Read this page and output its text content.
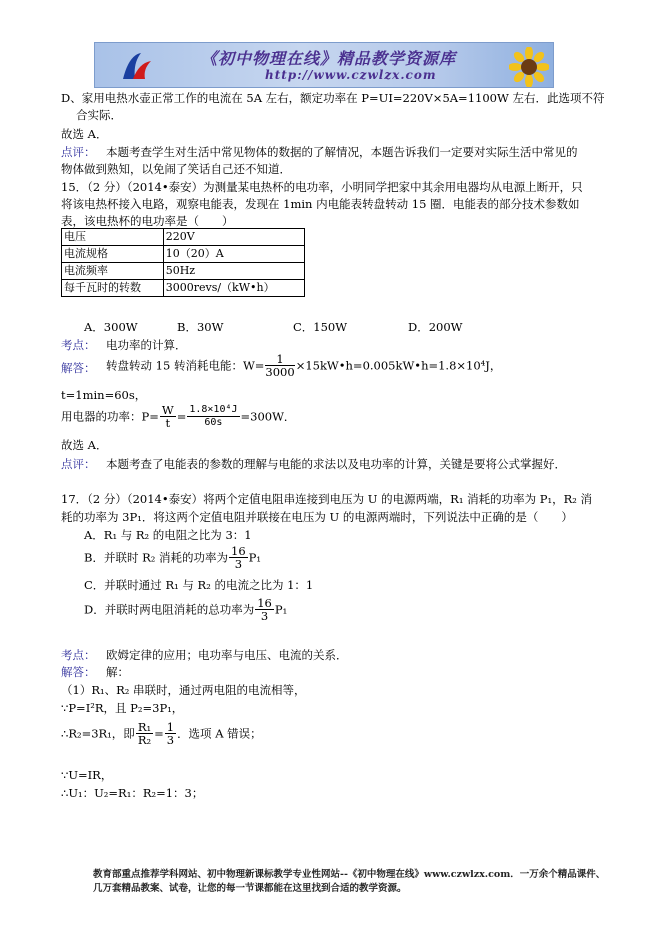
《初中物理在线》精品教学资源库
http://www.czwlzx.com
D、家用电热水壶正常工作的电流在 5A 左右，额定功率在 P=UI=220V×5A=1100W 左右．此选项不符
合实际．
故选 A．
点评： 本题考查学生对生活中常见物体的数据的了解情况，本题告诉我们一定要对实际生活中常见的
物体做到熟知，以免闹了笑话自己还不知道．
15．（2 分）（2014•泰安）为测量某电热杯的电功率，小明同学把家中其余用电器均从电源上断开，只
将该电热杯接入电路，观察电能表，发现在 1min 内电能表转盘转动 15 圈．电能表的部分技术参数如
表，该电热杯的电功率是（　　）
电压	220V
电流规格	10（20）A
电流频率	50Hz
每千瓦时的转数	3000revs/（kW•h）
A．300W	B．30W	C．150W	D．200W
考点： 电功率的计算．
解答： 转盘转动 15 转消耗电能：$W= \frac{1}{3000}$ ×15kW•h=0.005kW•h=1.8×10⁴J，
t=1min=60s，
用电器的功率：$P= \frac{W}{t} = \frac{\text{1.8×10⁴J}}{60s} =300W$．
故选 A．
点评： 本题考查了电能表的参数的理解与电能的求法以及电功率的计算，关键是要将公式掌握好．
17．（2 分）（2014•泰安）将两个定值电阻串连接到电压为 U 的电源两端，R₁ 消耗的功率为 P₁，R₂ 消
耗的功率为 3P₁．将这两个定值电阻并联接在电压为 U 的电源两端时，下列说法中正确的是（　　）
A．R₁ 与 R₂ 的电阻之比为 3：1
B．并联时 R₂ 消耗的功率为 $\frac{16}{3} P_1$
C．并联时通过 R₁ 与 R₂ 的电流之比为 1：1
D．并联时两电阻消耗的总功率为 $\frac{16}{3} P_1$
考点： 欧姆定律的应用；电功率与电压、电流的关系．
解答： 解：
（1）R₁、R₂ 串联时，通过两电阻的电流相等，
∵P=I²R，且 P₂=3P₁，
∴R₂=3R₁，即 $\frac{\text{R₁}}{\text{R₂}} = \frac{1}{3}$ ．选项 A 错误；
∵U=IR，
∴U₁：U₂=R₁：R₂=1：3；
教育部重点推荐学科网站、初中物理新课标教学专业性网站--《初中物理在线》www.czwlzx.com．一万余个精品课件、
几万套精品教案、试卷，让您的每一节课都能在这里找到合适的教学资源。
